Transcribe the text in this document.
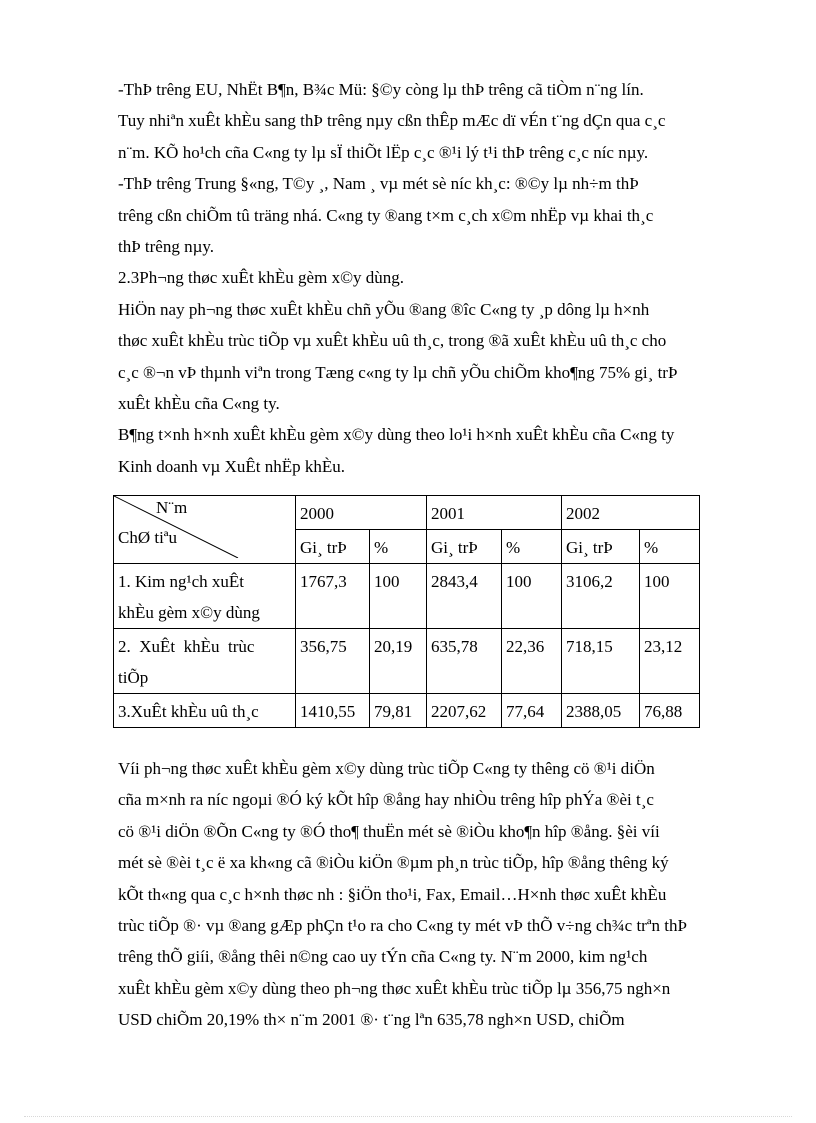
-ThÞ trêng EU, NhËt B¶n, B¾c Mü: §©y còng lµ thÞ trêng cã tiÒm n¨ng lín.
Tuy nhiªn xuÊt khÈu sang thÞ trêng nµy cßn thÊp mÆc dï vÉn t¨ng dÇn qua c¸c
n¨m. KÕ ho¹ch cña C«ng ty lµ sÏ thiÕt lËp c¸c ®¹i lý t¹i thÞ trêng c¸c níc nµy.

-ThÞ trêng Trung §«ng, T©y ¸, Nam ¸ vµ mét sè níc kh¸c: ®©y lµ nh÷m thÞ
trêng cßn chiÕm tû träng nhá. C«ng ty ®ang t×m c¸ch x©m nhËp vµ khai th¸c
thÞ trêng nµy.

2.3Ph¬ng thøc xuÊt khÈu gèm x©y dùng.

HiÖn nay ph¬ng thøc xuÊt khÈu chñ yÕu ®ang ®îc C«ng ty ¸p dông lµ h×nh
thøc xuÊt khÈu trùc tiÕp vµ xuÊt khÈu uû th¸c, trong ®ã xuÊt khÈu uû th¸c cho
c¸c ®¬n vÞ thµnh viªn trong Tæng c«ng ty lµ chñ yÕu chiÕm kho¶ng 75% gi¸ trÞ
xuÊt khÈu cña C«ng ty.

B¶ng t×nh h×nh xuÊt khÈu gèm x©y dùng theo lo¹i h×nh xuÊt khÈu cña C«ng ty
Kinh doanh vµ XuÊt nhËp khÈu.

N¨m
ChØ tiªu	2000		2001		2002	
	Gi¸ trÞ	%	Gi¸ trÞ	%	Gi¸ trÞ	%
1. Kim ng¹ch xuÊt
khÈu gèm x©y dùng	1767,3	100	2843,4	100	3106,2	100
2.  XuÊt  khÈu  trùc
tiÕp	356,75	20,19	635,78	22,36	718,15	23,12
3.XuÊt khÈu uû th¸c	1410,55	79,81	2207,62	77,64	2388,05	76,88

Víi ph¬ng thøc xuÊt khÈu gèm x©y dùng trùc tiÕp C«ng ty thêng cö ®¹i diÖn
cña m×nh ra níc ngoµi ®Ó ký kÕt hîp ®ång hay nhiÒu trêng hîp phÝa ®èi t¸c
cö ®¹i diÖn ®Õn C«ng ty ®Ó tho¶ thuËn mét sè ®iÒu kho¶n hîp ®ång. §èi víi
mét sè ®èi t¸c ë xa kh«ng cã ®iÒu kiÖn ®µm ph¸n trùc tiÕp, hîp ®ång thêng ký
kÕt th«ng qua c¸c h×nh thøc nh : §iÖn tho¹i, Fax, Email…H×nh thøc xuÊt khÈu
trùc tiÕp ®· vµ ®ang gÆp phÇn t¹o ra cho C«ng ty mét vÞ thÕ v÷ng ch¾c trªn thÞ
trêng thÕ giíi, ®ång thêi n©ng cao uy tÝn cña C«ng ty. N¨m 2000, kim ng¹ch
xuÊt khÈu gèm x©y dùng theo ph¬ng thøc xuÊt khÈu trùc tiÕp lµ 356,75 ngh×n
USD chiÕm 20,19% th× n¨m 2001 ®· t¨ng lªn 635,78 ngh×n USD, chiÕm
